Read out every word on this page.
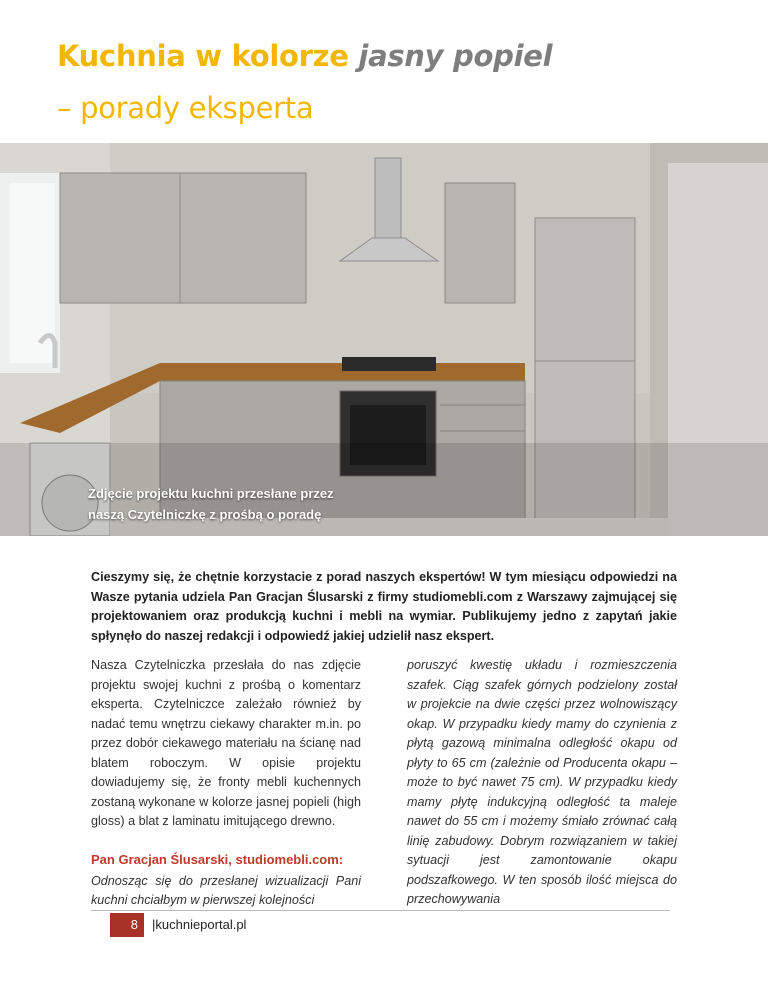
Kuchnia w kolorze jasny popiel
– porady eksperta
Zdjęcie projektu kuchni przesłane przez
naszą Czytelniczkę z prośbą o poradę

Cieszymy się, że chętnie korzystacie z porad naszych ekspertów! W tym miesiącu odpowiedzi na Wasze pytania udziela Pan Gracjan Ślusarski z firmy studiomebli.com z Warszawy zajmującej się projektowaniem oraz produkcją kuchni i mebli na wymiar. Publikujemy jedno z zapytań jakie spłynęło do naszej redakcji i odpowiedź jakiej udzielił nasz ekspert.

Nasza Czytelniczka przesłała do nas zdjęcie projektu swojej kuchni z prośbą o komentarz eksperta. Czytelniczce zależało również by nadać temu wnętrzu ciekawy charakter m.in. po przez dobór ciekawego materiału na ścianę nad blatem roboczym. W opisie projektu dowiadujemy się, że fronty mebli kuchennych zostaną wykonane w kolorze jasnej popieli (high gloss) a blat z laminatu imitującego drewno.

Pan Gracjan Ślusarski, studiomebli.com:

Odnosząc się do przesłanej wizualizacji Pani kuchni chciałbym w pierwszej kolejności

poruszyć kwestię układu i rozmieszczenia szafek. Ciąg szafek górnych podzielony został w projekcie na dwie części przez wolnowiszący okap. W przypadku kiedy mamy do czynienia z płytą gazową minimalna odległość okapu od płyty to 65 cm (zależnie od Producenta okapu – może to być nawet 75 cm). W przypadku kiedy mamy płytę indukcyjną odległość ta maleje nawet do 55 cm i możemy śmiało zrównać całą linię zabudowy. Dobrym rozwiązaniem w takiej sytuacji jest zamontowanie okapu podszafkowego. W ten sposób ilość miejsca do przechowywania

8	|kuchnieportal.pl
